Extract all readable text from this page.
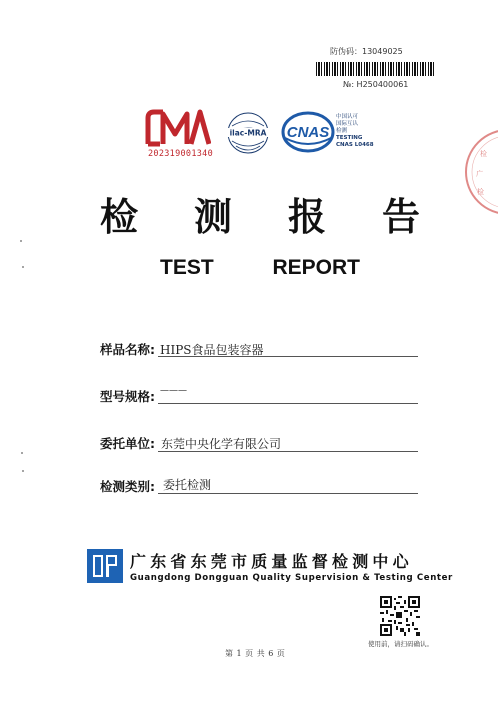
防伪码：13049025
№: H250400061
202319001340
ilac-MRA CNAS
中国认可
国际互认
检测
TESTING
CNAS L0468
检
广
检
检 测 报 告
TEST	REPORT
样品名称: HIPS食品包装容器
型号规格: ———
委托单位: 东莞中央化学有限公司
检测类别: 委托检测
广东省东莞市质量监督检测中心
Guangdong Dongguan Quality Supervision & Testing Center
使用前，请扫码确认。
第 1 页 共 6 页
